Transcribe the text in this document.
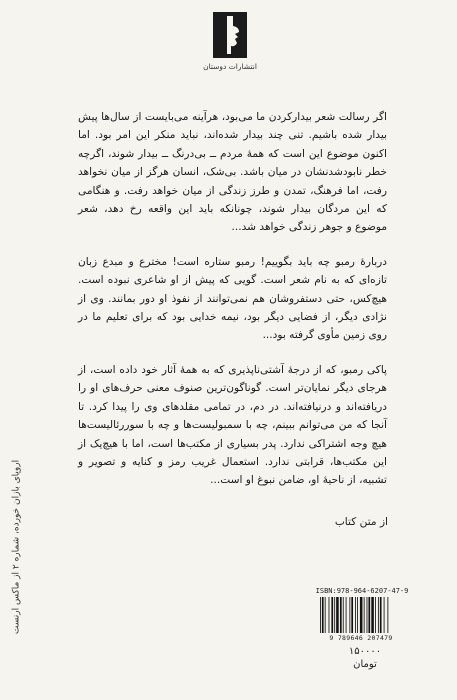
انتشارات دوستان

اگر رسالت شعر بیدارکردن ما می‌بود، هرآینه می‌بایست از سال‌ها پیش بیدار شده باشیم. تنی چند بیدار شده‌اند، نباید منکر این امر بود. اما اکنون موضوع این است که همهٔ مردم ــ بی‌درنگ ــ بیدار شوند، اگرچه خطر نابودشدنشان در میان باشد. بی‌شک، انسان هرگز از میان نخواهد رفت، اما فرهنگ، تمدن و طرز زندگی از میان خواهد رفت. و هنگامی که این مردگان بیدار شوند، چونانکه باید این واقعه رخ دهد، شعر موضوع و جوهر زندگی خواهد شد...

دربارهٔ رمبو چه باید بگوییم! رمبو ستاره است! مخترع و مبدع زبان تازه‌ای که به نام شعر است. گویی که پیش از او شاعری نبوده است. هیچ‌کس، حتی دستفروشان هم نمی‌توانند از نفوذ او دور بمانند. وی از نژادی دیگر، از فضایی دیگر بود، نیمه خدایی بود که برای تعلیم ما در روی زمین مأوی گرفته بود...

پاکی رمبو، که از درجهٔ آشتی‌ناپذیری که به همهٔ آثار خود داده است، از هرجای دیگر نمایان‌تر است. گوناگون‌ترین صنوف معنی حرف‌های او را دریافته‌اند و درنیافته‌اند. در دم، در تمامی مقلدهای وی را پیدا کرد. تا آنجا که من می‌توانم ببینم، چه با سمبولیست‌ها و چه با سوررئالیست‌ها هیچ وجه اشتراکی ندارد. پدر بسیاری از مکتب‌ها است، اما با هیچ‌یک از این مکتب‌ها، قرابتی ندارد. استعمال غریب رمز و کنایه و تصویر و تشبیه، از ناحیهٔ او، ضامن نبوغ او است...

از متن کتاب
اروپای بازان خورده، شماره ۲ از ماکس ارنست
ISBN:978-964-6207-47-9
9 789646 207479
۱۵۰۰۰۰
تومان
